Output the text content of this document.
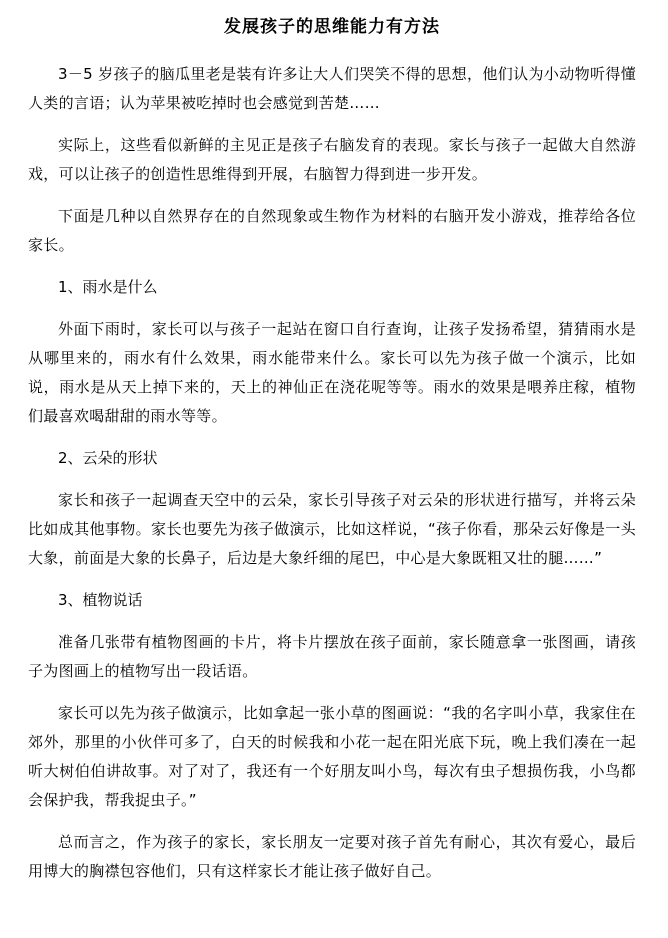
发展孩子的思维能力有方法

3－5 岁孩子的脑瓜里老是装有许多让大人们哭笑不得的思想，他们认为小动物听得懂人类的言语；认为苹果被吃掉时也会感觉到苦楚……

实际上，这些看似新鲜的主见正是孩子右脑发育的表现。家长与孩子一起做大自然游戏，可以让孩子的创造性思维得到开展，右脑智力得到进一步开发。

下面是几种以自然界存在的自然现象或生物作为材料的右脑开发小游戏，推荐给各位家长。

1、雨水是什么

外面下雨时，家长可以与孩子一起站在窗口自行查询，让孩子发扬希望，猜猜雨水是从哪里来的，雨水有什么效果，雨水能带来什么。家长可以先为孩子做一个演示，比如说，雨水是从天上掉下来的，天上的神仙正在浇花呢等等。雨水的效果是喂养庄稼，植物们最喜欢喝甜甜的雨水等等。

2、云朵的形状

家长和孩子一起调查天空中的云朵，家长引导孩子对云朵的形状进行描写，并将云朵比如成其他事物。家长也要先为孩子做演示，比如这样说，“孩子你看，那朵云好像是一头大象，前面是大象的长鼻子，后边是大象纤细的尾巴，中心是大象既粗又壮的腿……”

3、植物说话

准备几张带有植物图画的卡片，将卡片摆放在孩子面前，家长随意拿一张图画，请孩子为图画上的植物写出一段话语。

家长可以先为孩子做演示，比如拿起一张小草的图画说：“我的名字叫小草，我家住在郊外，那里的小伙伴可多了，白天的时候我和小花一起在阳光底下玩，晚上我们凑在一起听大树伯伯讲故事。对了对了，我还有一个好朋友叫小鸟，每次有虫子想损伤我，小鸟都会保护我，帮我捉虫子。”

总而言之，作为孩子的家长，家长朋友一定要对孩子首先有耐心，其次有爱心，最后用博大的胸襟包容他们，只有这样家长才能让孩子做好自己。
